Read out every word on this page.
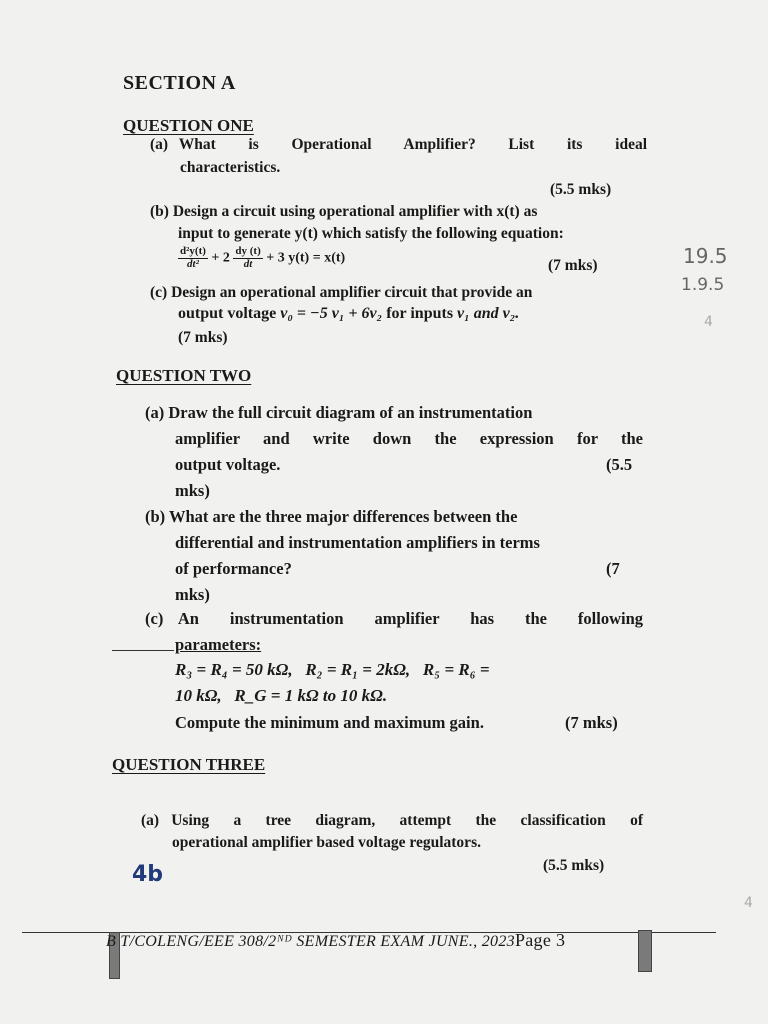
SECTION A
QUESTION ONE
(a) What   is   Operational   Amplifier?   List   its   ideal
characteristics.
(5.5 mks)
(b) Design a circuit using operational amplifier with x(t) as
input to generate y(t) which satisfy the following equation:
$\frac{\text{d²y(t)}}{\text{dt²}} + 2 \frac{dy (t)}{dt} + 3$ y(t) = x(t)	(7 mks)
(c) Design an operational amplifier circuit that provide an
output voltage v₀ = −5 v₁ + 6v₂ for inputs v₁ and v₂.
(7 mks)
QUESTION TWO
(a) Draw the full circuit diagram of an instrumentation
amplifier and write down the expression for the
output voltage.	(5.5
mks)
(b) What are the three major differences between the
differential and instrumentation amplifiers in terms
of performance?	(7
mks)
(c) An  instrumentation  amplifier  has  the  following
parameters:
R₃ = R₄ = 50 kΩ,   R₂ = R₁ = 2kΩ,   R₅ = R₆ =
10 kΩ,   R_G = 1 kΩ to 10 kΩ.
Compute the minimum and maximum gain.	(7 mks)
QUESTION THREE
(a) Using  a  tree  diagram,  attempt  the  classification  of
operational amplifier based voltage regulators.
(5.5 mks)
19.5
1.9.5
4
4b
4
B T/COLENG/EEE 308/2ᴺᴰ SEMESTER EXAM JUNE., 2023Page 3
